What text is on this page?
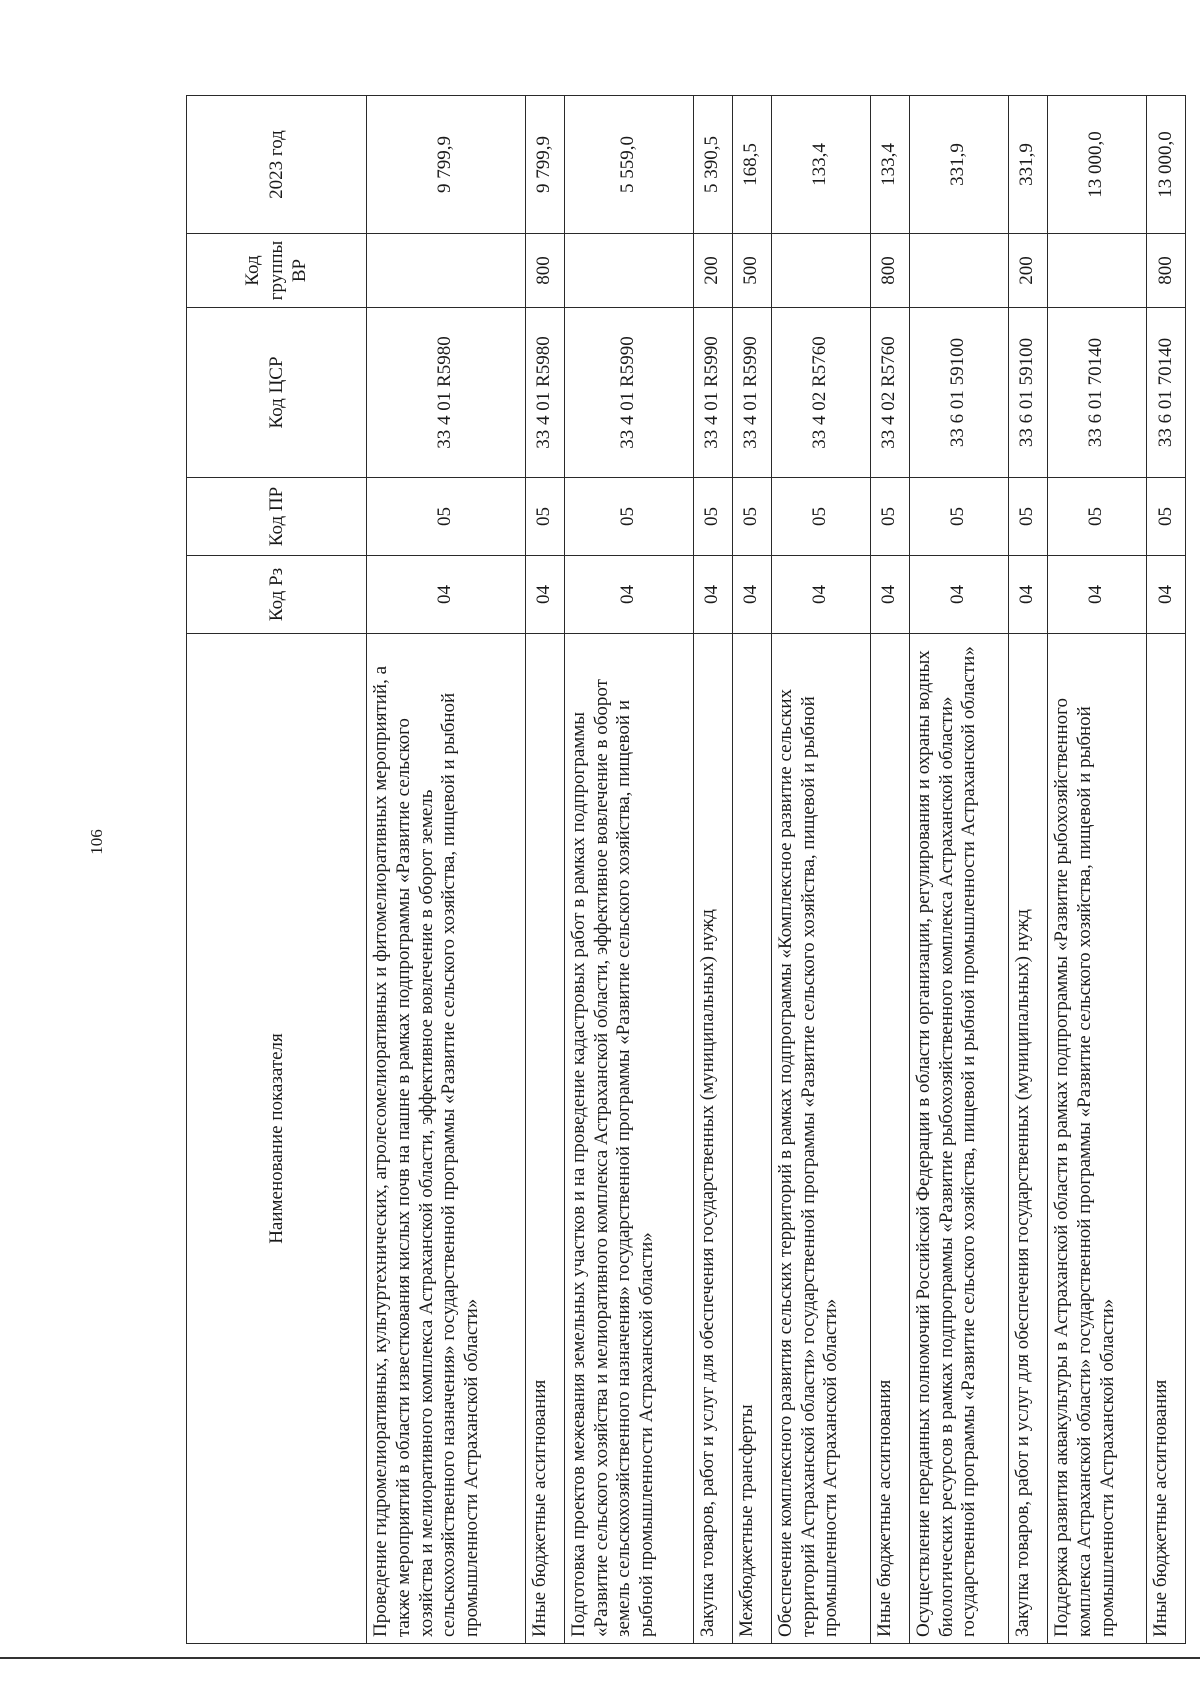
106
Наименование показателя	Код Рз	Код ПР	Код ЦСР	Код группы ВР	2023 год
Проведение гидромелиоративных, культуртехнических, агролесомелиоративных и фитомелиоративных мероприятий, а также мероприятий в области известкования кислых почв на пашне в рамках подпрограммы «Развитие сельского хозяйства и мелиоративного комплекса Астраханской области, эффективное вовлечение в оборот земель сельскохозяйственного назначения» государственной программы «Развитие сельского хозяйства, пищевой и рыбной промышленности Астраханской области»	04	05	33 4 01 R5980		9 799,9
Иные бюджетные ассигнования	04	05	33 4 01 R5980	800	9 799,9
Подготовка проектов межевания земельных участков и на проведение кадастровых работ в рамках подпрограммы «Развитие сельского хозяйства и мелиоративного комплекса Астраханской области, эффективное вовлечение в оборот земель сельскохозяйственного назначения» государственной программы «Развитие сельского хозяйства, пищевой и рыбной промышленности Астраханской области»	04	05	33 4 01 R5990		5 559,0
Закупка товаров, работ и услуг для обеспечения государственных (муниципальных) нужд	04	05	33 4 01 R5990	200	5 390,5
Межбюджетные трансферты	04	05	33 4 01 R5990	500	168,5
Обеспечение комплексного развития сельских территорий в рамках подпрограммы «Комплексное развитие сельских территорий Астраханской области» государственной программы «Развитие сельского хозяйства, пищевой и рыбной промышленности Астраханской области»	04	05	33 4 02 R5760		133,4
Иные бюджетные ассигнования	04	05	33 4 02 R5760	800	133,4
Осуществление переданных полномочий Российской Федерации в области организации, регулирования и охраны водных биологических ресурсов в рамках подпрограммы «Развитие рыбохозяйственного комплекса Астраханской области» государственной программы «Развитие сельского хозяйства, пищевой и рыбной промышленности Астраханской области»	04	05	33 6 01 59100		331,9
Закупка товаров, работ и услуг для обеспечения государственных (муниципальных) нужд	04	05	33 6 01 59100	200	331,9
Поддержка развития аквакультуры в Астраханской области в рамках подпрограммы «Развитие рыбохозяйственного комплекса Астраханской области» государственной программы «Развитие сельского хозяйства, пищевой и рыбной промышленности Астраханской области»	04	05	33 6 01 70140		13 000,0
Иные бюджетные ассигнования	04	05	33 6 01 70140	800	13 000,0
